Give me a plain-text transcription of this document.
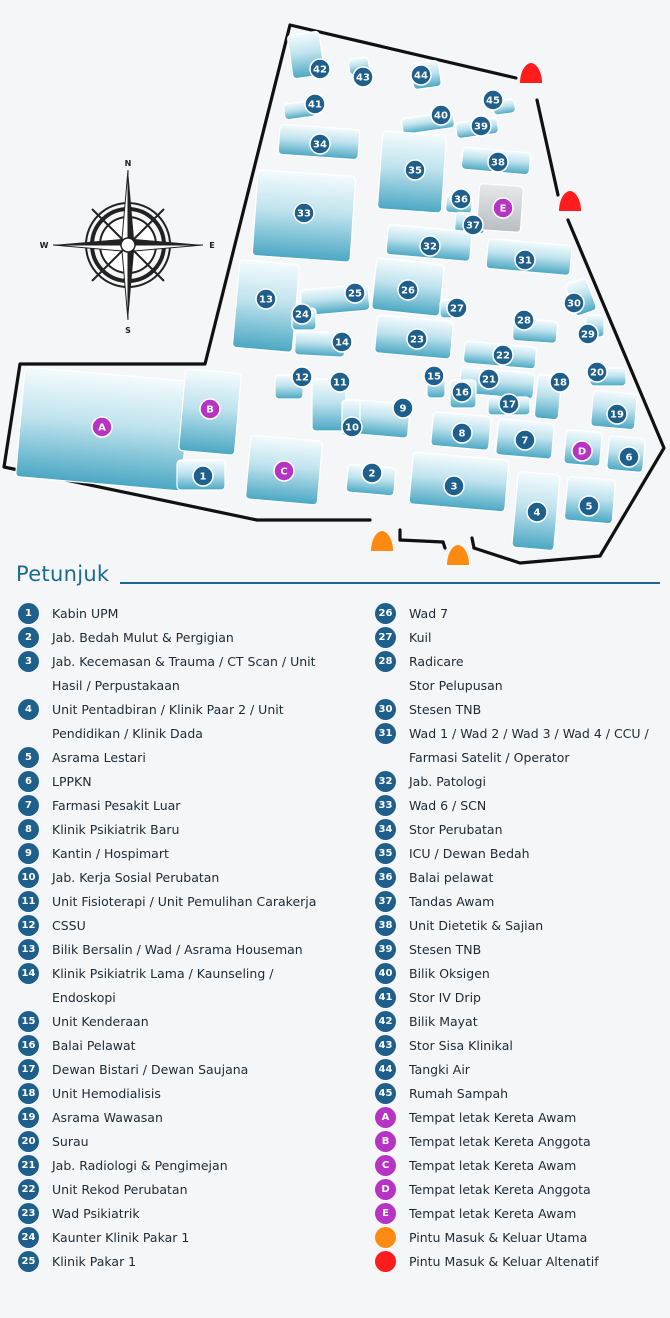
N
S
W	E
42
43	44
45
41
40
39
34
35
38
33
36
37
E
32
31
13
26
25
24
27	30
28
29
14	23
22
20
12 11
15	21	18
16
A
B	9
10
17
19
8
7
D
6
1	C	2
3
4
5
Petunjuk
1	Kabin UPM
2	Jab. Bedah Mulut & Pergigian
3	Jab. Kecemasan & Trauma / CT Scan / Unit
Hasil / Perpustakaan
4	Unit Pentadbiran / Klinik Paar 2 / Unit
Pendidikan / Klinik Dada
5	Asrama Lestari
6	LPPKN
7	Farmasi Pesakit Luar
8	Klinik Psikiatrik Baru
9	Kantin / Hospimart
10 Jab. Kerja Sosial Perubatan
11 Unit Fisioterapi / Unit Pemulihan Carakerja
12 CSSU
13 Bilik Bersalin / Wad / Asrama Houseman
14 Klinik Psikiatrik Lama / Kaunseling /
Endoskopi
15 Unit Kenderaan
16 Balai Pelawat
17 Dewan Bistari / Dewan Saujana
18 Unit Hemodialisis
19 Asrama Wawasan
20 Surau
21 Jab. Radiologi & Pengimejan
22 Unit Rekod Perubatan
23 Wad Psikiatrik
24 Kaunter Klinik Pakar 1
25 Klinik Pakar 1
26 Wad 7
27 Kuil
28 Radicare
Stor Pelupusan
30 Stesen TNB
31 Wad 1 / Wad 2 / Wad 3 / Wad 4 / CCU /
Farmasi Satelit / Operator
32 Jab. Patologi
33 Wad 6 / SCN
34 Stor Perubatan
35 ICU / Dewan Bedah
36 Balai pelawat
37 Tandas Awam
38 Unit Dietetik & Sajian
39 Stesen TNB
40 Bilik Oksigen
41 Stor IV Drip
42 Bilik Mayat
43 Stor Sisa Klinikal
44 Tangki Air
45 Rumah Sampah
A	Tempat letak Kereta Awam
B	Tempat letak Kereta Anggota
C	Tempat letak Kereta Awam
D	Tempat letak Kereta Anggota
E	Tempat letak Kereta Awam
Pintu Masuk & Keluar Utama
Pintu Masuk & Keluar Altenatif
